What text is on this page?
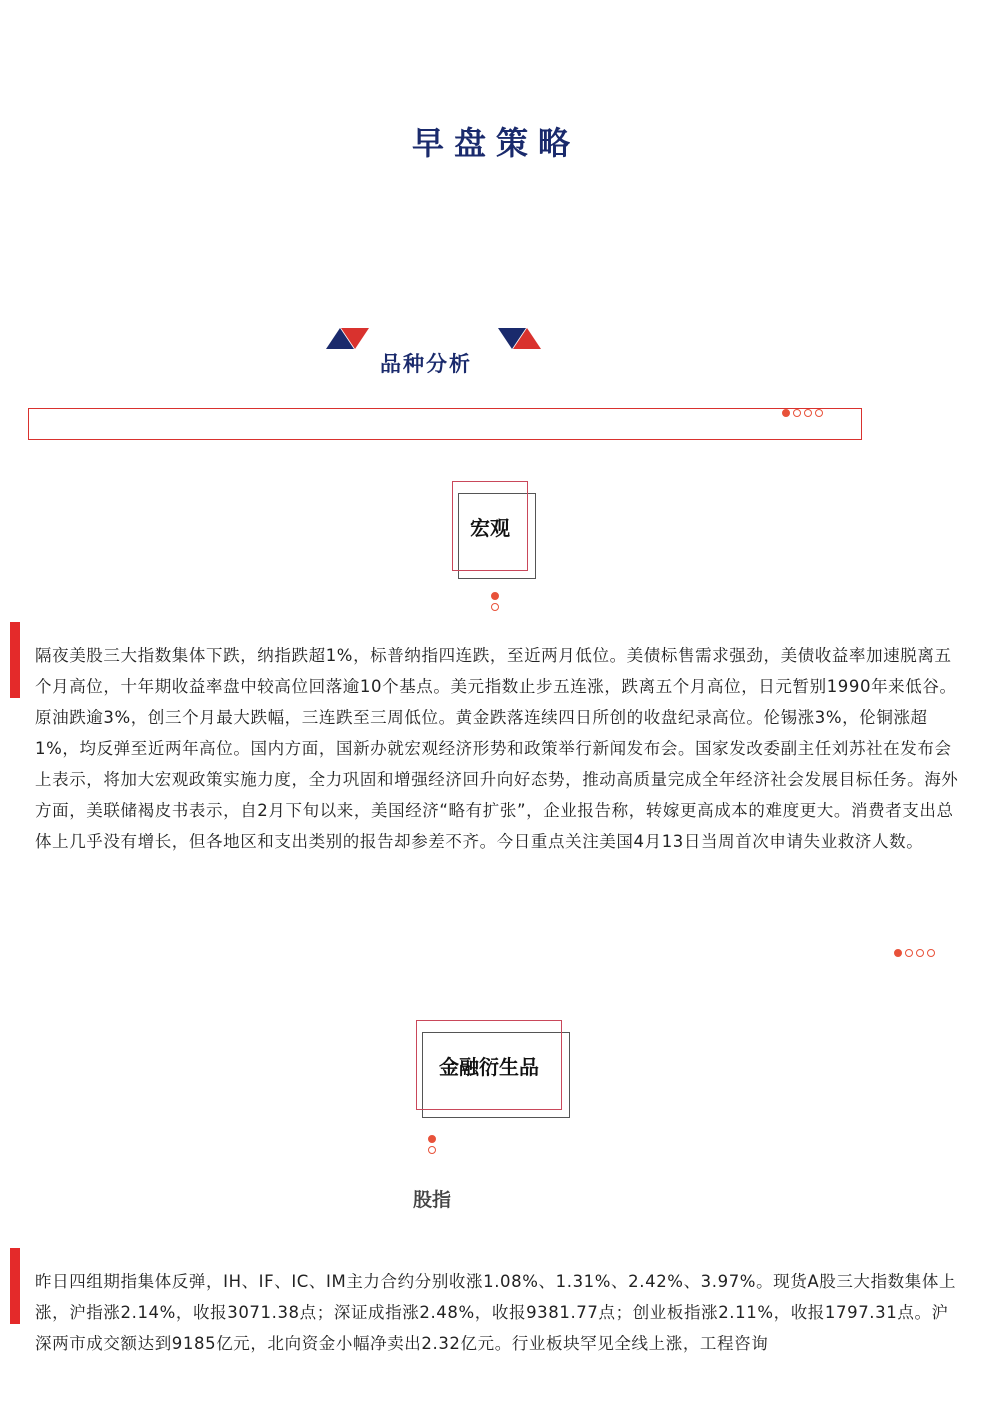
早盘策略
品种分析
宏观
隔夜美股三大指数集体下跌，纳指跌超1%，标普纳指四连跌，至近两月低位。美债标售需求强劲，美债收益率加速脱离五个月高位，十年期收益率盘中较高位回落逾10个基点。美元指数止步五连涨，跌离五个月高位，日元暂别1990年来低谷。原油跌逾3%，创三个月最大跌幅，三连跌至三周低位。黄金跌落连续四日所创的收盘纪录高位。伦锡涨3%，伦铜涨超1%，均反弹至近两年高位。国内方面，国新办就宏观经济形势和政策举行新闻发布会。国家发改委副主任刘苏社在发布会上表示，将加大宏观政策实施力度，全力巩固和增强经济回升向好态势，推动高质量完成全年经济社会发展目标任务。海外方面，美联储褐皮书表示，自2月下旬以来，美国经济“略有扩张”，企业报告称，转嫁更高成本的难度更大。消费者支出总体上几乎没有增长，但各地区和支出类别的报告却参差不齐。今日重点关注美国4月13日当周首次申请失业救济人数。
金融衍生品
股指
昨日四组期指集体反弹，IH、IF、IC、IM主力合约分别收涨1.08%、1.31%、2.42%、3.97%。现货A股三大指数集体上涨，沪指涨2.14%，收报3071.38点；深证成指涨2.48%，收报9381.77点；创业板指涨2.11%，收报1797.31点。沪深两市成交额达到9185亿元，北向资金小幅净卖出2.32亿元。行业板块罕见全线上涨，工程咨询
